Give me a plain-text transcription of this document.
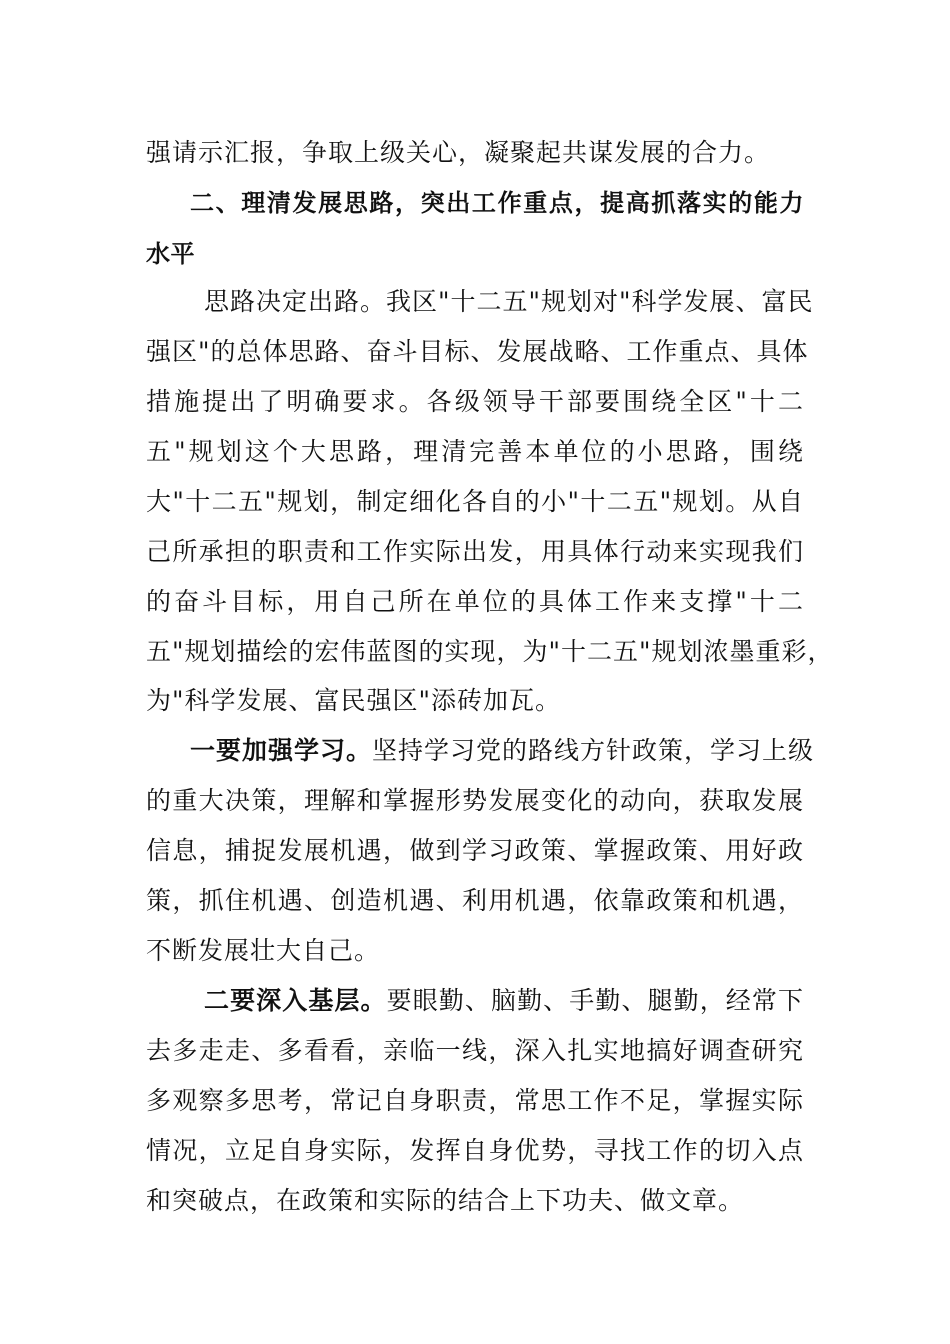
强请示汇报，争取上级关心，凝聚起共谋发展的合力。
二、理清发展思路，突出工作重点，提高抓落实的能力
水平
思路决定出路。我区"十二五"规划对"科学发展、富民
强区"的总体思路、奋斗目标、发展战略、工作重点、具体
措施提出了明确要求。各级领导干部要围绕全区"十二
五"规划这个大思路，理清完善本单位的小思路，围绕
大"十二五"规划，制定细化各自的小"十二五"规划。从自
己所承担的职责和工作实际出发，用具体行动来实现我们
的奋斗目标，用自己所在单位的具体工作来支撑"十二
五"规划描绘的宏伟蓝图的实现，为"十二五"规划浓墨重彩，
为"科学发展、富民强区"添砖加瓦。
一要加强学习。坚持学习党的路线方针政策，学习上级
的重大决策，理解和掌握形势发展变化的动向，获取发展
信息，捕捉发展机遇，做到学习政策、掌握政策、用好政
策，抓住机遇、创造机遇、利用机遇，依靠政策和机遇，
不断发展壮大自己。
二要深入基层。要眼勤、脑勤、手勤、腿勤，经常下
去多走走、多看看，亲临一线，深入扎实地搞好调查研究
多观察多思考，常记自身职责，常思工作不足，掌握实际
情况，立足自身实际，发挥自身优势，寻找工作的切入点
和突破点，在政策和实际的结合上下功夫、做文章。
